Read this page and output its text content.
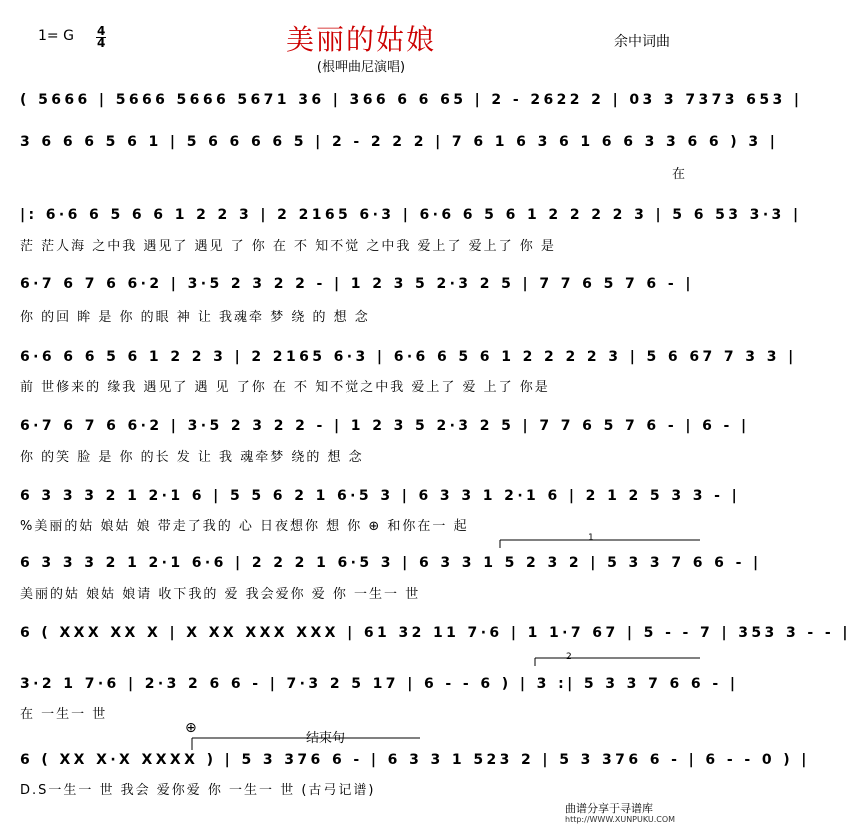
1= G 4
4	美丽的姑娘
(根呷曲尼演唱)
余中词曲
( 5666 | 5666 5666 5671 36 | 366 6 6 65 | 2 - 2622 2 | 03 3 7373 653 |
3 6 6 6 5 6 1 | 5 6 6 6 6 5 | 2 - 2 2 2 | 7 6 1 6 3 6 1 6 6 3 3 6 6 ) 3 |
在
|: 6·6 6 5 6 6 1 2 2 3 | 2 2165 6·3 | 6·6 6 5 6 1 2 2 2 2 3 | 5 6 53 3·3 |
茫 茫人海 之中我 遇见了 遇见 了 你 在 不 知不觉 之中我 爱上了 爱上了 你 是
6·7 6 7 6 6·2 | 3·5 2 3 2 2 - | 1 2 3 5 2·3 2 5 | 7 7 6 5 7 6 - |
你 的回 眸 是 你 的眼 神 让 我魂牵 梦 绕 的 想 念
6·6 6 6 5 6 1 2 2 3 | 2 2165 6·3 | 6·6 6 5 6 1 2 2 2 2 3 | 5 6 67 7 3 3 |
前 世修来的 缘我 遇见了 遇 见 了你 在 不 知不觉之中我 爱上了 爱 上了 你是
6·7 6 7 6 6·2 | 3·5 2 3 2 2 - | 1 2 3 5 2·3 2 5 | 7 7 6 5 7 6 - | 6 - |
你 的笑 脸 是 你 的长 发 让 我 魂牵梦 绕的 想 念
6 3 3 3 2 1 2·1 6 | 5 5 6 2 1 6·5 3 | 6 3 3 1 2·1 6 | 2 1 2 5 3 3 - |
%美丽的姑 娘姑 娘 带走了我的 心 日夜想你 想 你 ⊕ 和你在一 起
6 3 3 3 2 1 2·1 6·6 | 2 2 2 1 6·5 3 | 6 3 3 1 5 2 3 2 | 5 3 3 7 6 6 - |
美丽的姑 娘姑 娘请 收下我的 爱 我会爱你 爱 你 一生一 世
6 ( XXX XX X | X XX XXX XXX | 61 32 11 7·6 | 1 1·7 67 | 5 - - 7 | 353 3 - - |
3·2 1 7·6 | 2·3 2 6 6 - | 7·3 2 5 17 | 6 - - 6 ) | 3 :| 5 3 3 7 6 6 - |
在 一生一 世
6 ( XX X·X XXXX ) | 5 3 376 6 - | 6 3 3 1 523 2 | 5 3 376 6 - | 6 - - 0 ) |
D.S一生一 世 我会 爱你爱 你 一生一 世 (古弓记谱)
⊕
结束句
1
2
曲谱分享于寻谱库
http://WWW.XUNPUKU.COM
